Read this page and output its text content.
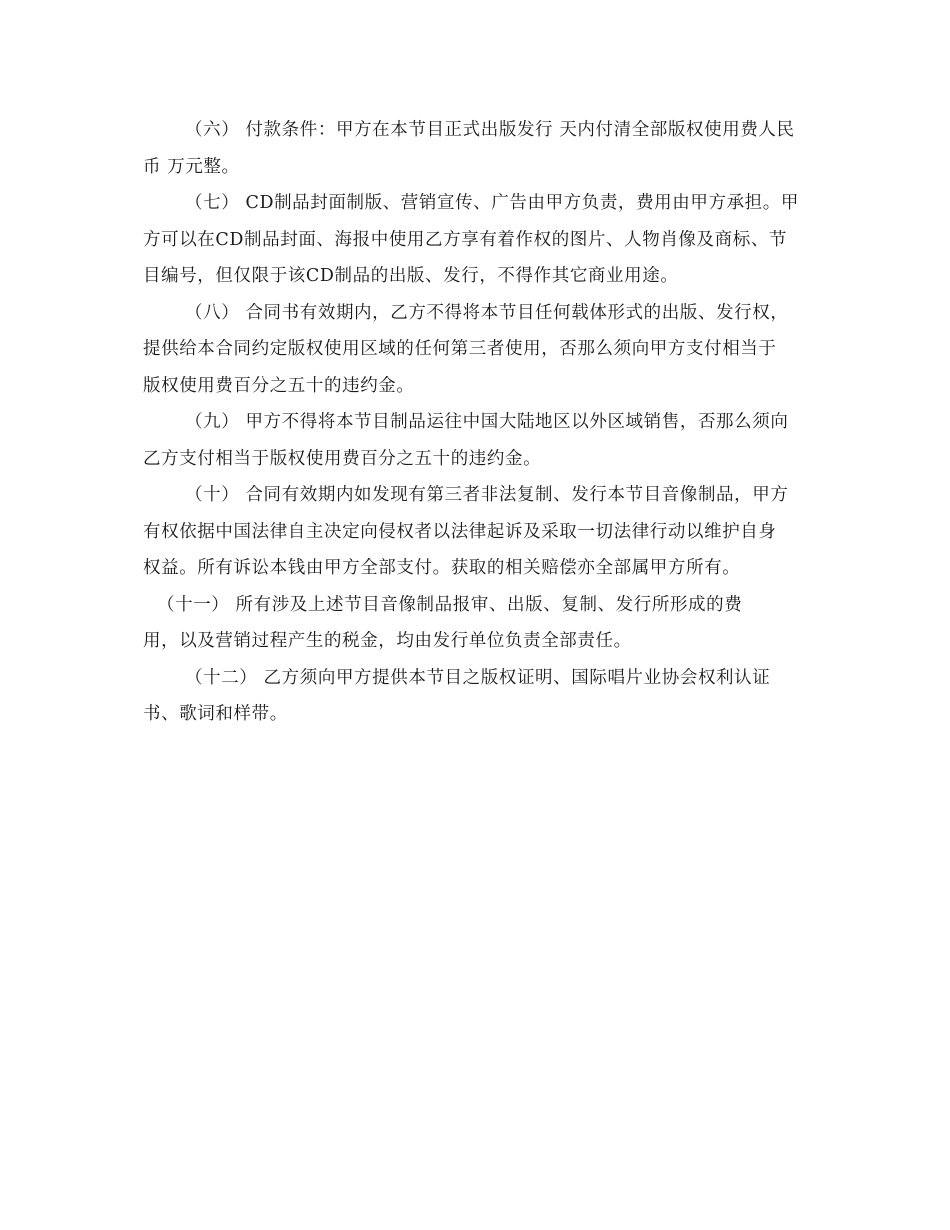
（六） 付款条件：甲方在本节目正式出版发行 天内付清全部版权使用费人民
币 万元整。

（七） CD制品封面制版、营销宣传、广告由甲方负责，费用由甲方承担。甲
方可以在CD制品封面、海报中使用乙方享有着作权的图片、人物肖像及商标、节
目编号，但仅限于该CD制品的出版、发行，不得作其它商业用途。

（八） 合同书有效期内，乙方不得将本节目任何载体形式的出版、发行权，
提供给本合同约定版权使用区域的任何第三者使用，否那么须向甲方支付相当于
版权使用费百分之五十的违约金。

（九） 甲方不得将本节目制品运往中国大陆地区以外区域销售，否那么须向
乙方支付相当于版权使用费百分之五十的违约金。

（十） 合同有效期内如发现有第三者非法复制、发行本节目音像制品，甲方
有权依据中国法律自主决定向侵权者以法律起诉及采取一切法律行动以维护自身
权益。所有诉讼本钱由甲方全部支付。获取的相关赔偿亦全部属甲方所有。

（十一） 所有涉及上述节目音像制品报审、出版、复制、发行所形成的费
用，以及营销过程产生的税金，均由发行单位负责全部责任。

（十二） 乙方须向甲方提供本节目之版权证明、国际唱片业协会权利认证
书、歌词和样带。
